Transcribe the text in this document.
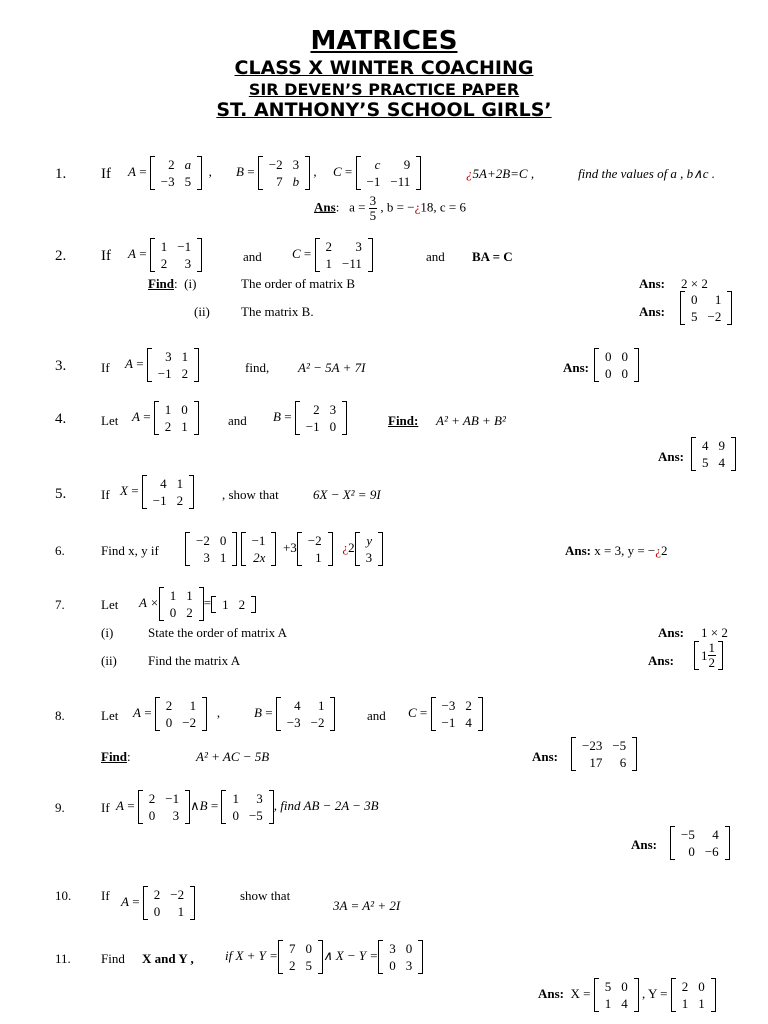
MATRICES
CLASS X WINTER COACHING
SIR DEVEN’S PRACTICE PAPER
ST. ANTHONY’S SCHOOL GIRLS’
1. If A = 2	a
−3	5
, B = −2	3
7	b
, C = c	9
−1	−11
¿5A+2B=C ,	find the values of a , b∧c .
Ans:   $a = \frac{3}{5}$ , b = −¿18, c = 6
2. If A = 1	−1
2	3	and C = 2	3
1	−11	and BA = C
Find:  (i)	The order of matrix B
(ii) The matrix B.
Ans: 2 × 2
Ans:
0	1
5	−2
3.	If A = 3	1
−1	2	find, A² − 5A + 7I	Ans:
0	0
0	0
4.	Let A = 1	0
2	1	and B = 2	3
−1	0	Find: A² + AB + B²
Ans:
4	9
5	4
5.	If X = 4	1
−1	2	, show that	6X − X² = 9I
6.	Find x, y if
−2	0
3	1

−1
2x
+3 −2
1
¿2 y
3	Ans: x = 3, y = −¿2
7.	Let A × 1	1
0	2
= 1	2
(i)	State the order of matrix A
(ii) Find the matrix A
Ans: 1 × 2
Ans:	$1 \frac{1}{2}$
8.	Let A = 2	1
0	−2
,	B = 4	1
−3	−2	and C = −3	2
−1	4
Find:	A² + AC − 5B	Ans:
−23	−5
17	6
9.	If A = 2	−1
0	3
∧B = 1	3
0	−5
, find AB − 2A − 3B
Ans:
−5	4
0	−6
10. If A = 2	−2
0	1
show that
3A = A² + 2I
11. Find X and Y , if X + Y = 7	0
2	5
∧ X − Y = 3	0
0	3
Ans: X = 5	0
1	4
, Y = 2	0
1	1
